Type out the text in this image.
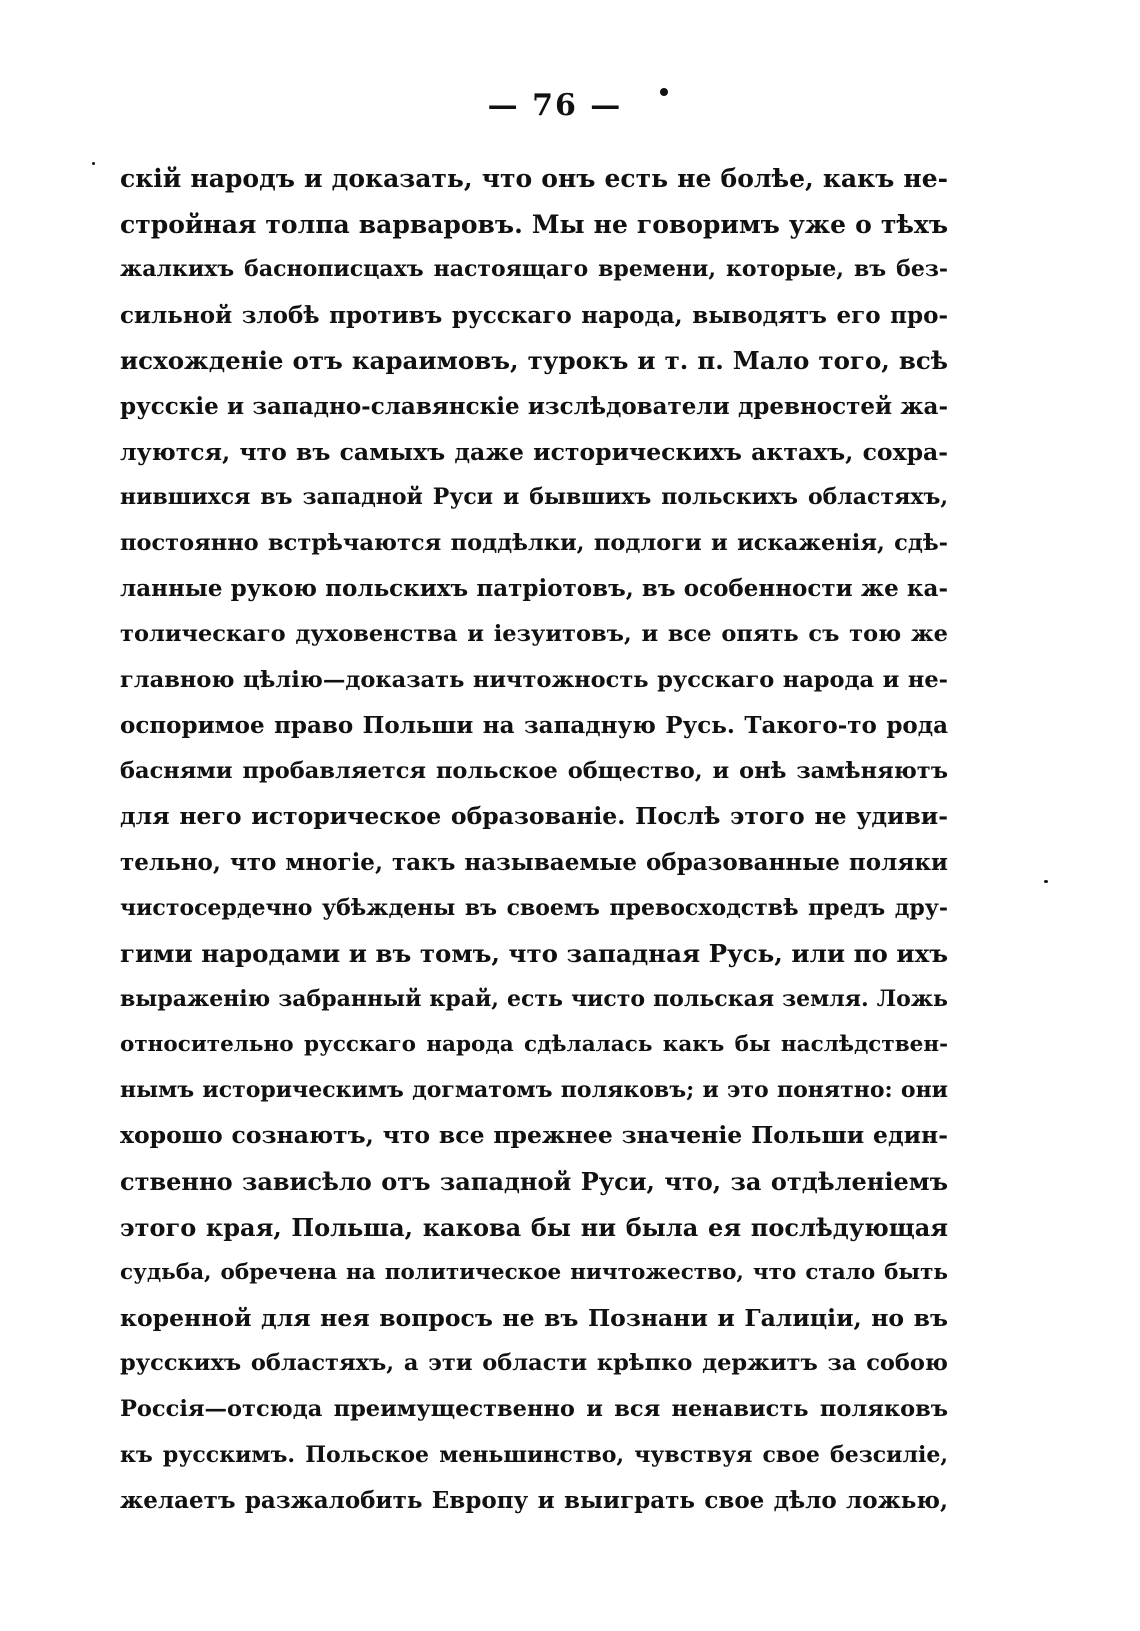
— 76 —
скій народъ и доказать, что онъ есть не болѣе, какъ не-
стройная толпа варваровъ. Мы не говоримъ уже о тѣхъ
жалкихъ баснописцахъ настоящаго времени, которые, въ без-
сильной злобѣ противъ русскаго народа, выводятъ его про-
исхожденіе отъ караимовъ, турокъ и т. п. Мало того, всѣ
русскіе и западно-славянскіе изслѣдователи древностей жа-
луются, что въ самыхъ даже историческихъ актахъ, сохра-
нившихся въ западной Руси и бывшихъ польскихъ областяхъ,
постоянно встрѣчаются поддѣлки, подлоги и искаженія, сдѣ-
ланные рукою польскихъ патріотовъ, въ особенности же ка-
толическаго духовенства и іезуитовъ, и все опять съ тою же
главною цѣлію—доказать ничтожность русскаго народа и не-
оспоримое право Польши на западную Русь. Такого-то рода
баснями пробавляется польское общество, и онѣ замѣняютъ
для него историческое образованіе. Послѣ этого не удиви-
тельно, что многіе, такъ называемые образованные поляки
чистосердечно убѣждены въ своемъ превосходствѣ предъ дру-
гими народами и въ томъ, что западная Русь, или по ихъ
выраженію забранный край, есть чисто польская земля. Ложь
относительно русскаго народа сдѣлалась какъ бы наслѣдствен-
нымъ историческимъ догматомъ поляковъ; и это понятно: они
хорошо сознаютъ, что все прежнее значеніе Польши един-
ственно зависѣло отъ западной Руси, что, за отдѣленіемъ
этого края, Польша, какова бы ни была ея послѣдующая
судьба, обречена на политическое ничтожество, что стало быть
коренной для нея вопросъ не въ Познани и Галиціи, но въ
русскихъ областяхъ, а эти области крѣпко держитъ за собою
Россія—отсюда преимущественно и вся ненависть поляковъ
къ русскимъ. Польское меньшинство, чувствуя свое безсиліе,
желаетъ разжалобить Европу и выиграть свое дѣло ложью,
